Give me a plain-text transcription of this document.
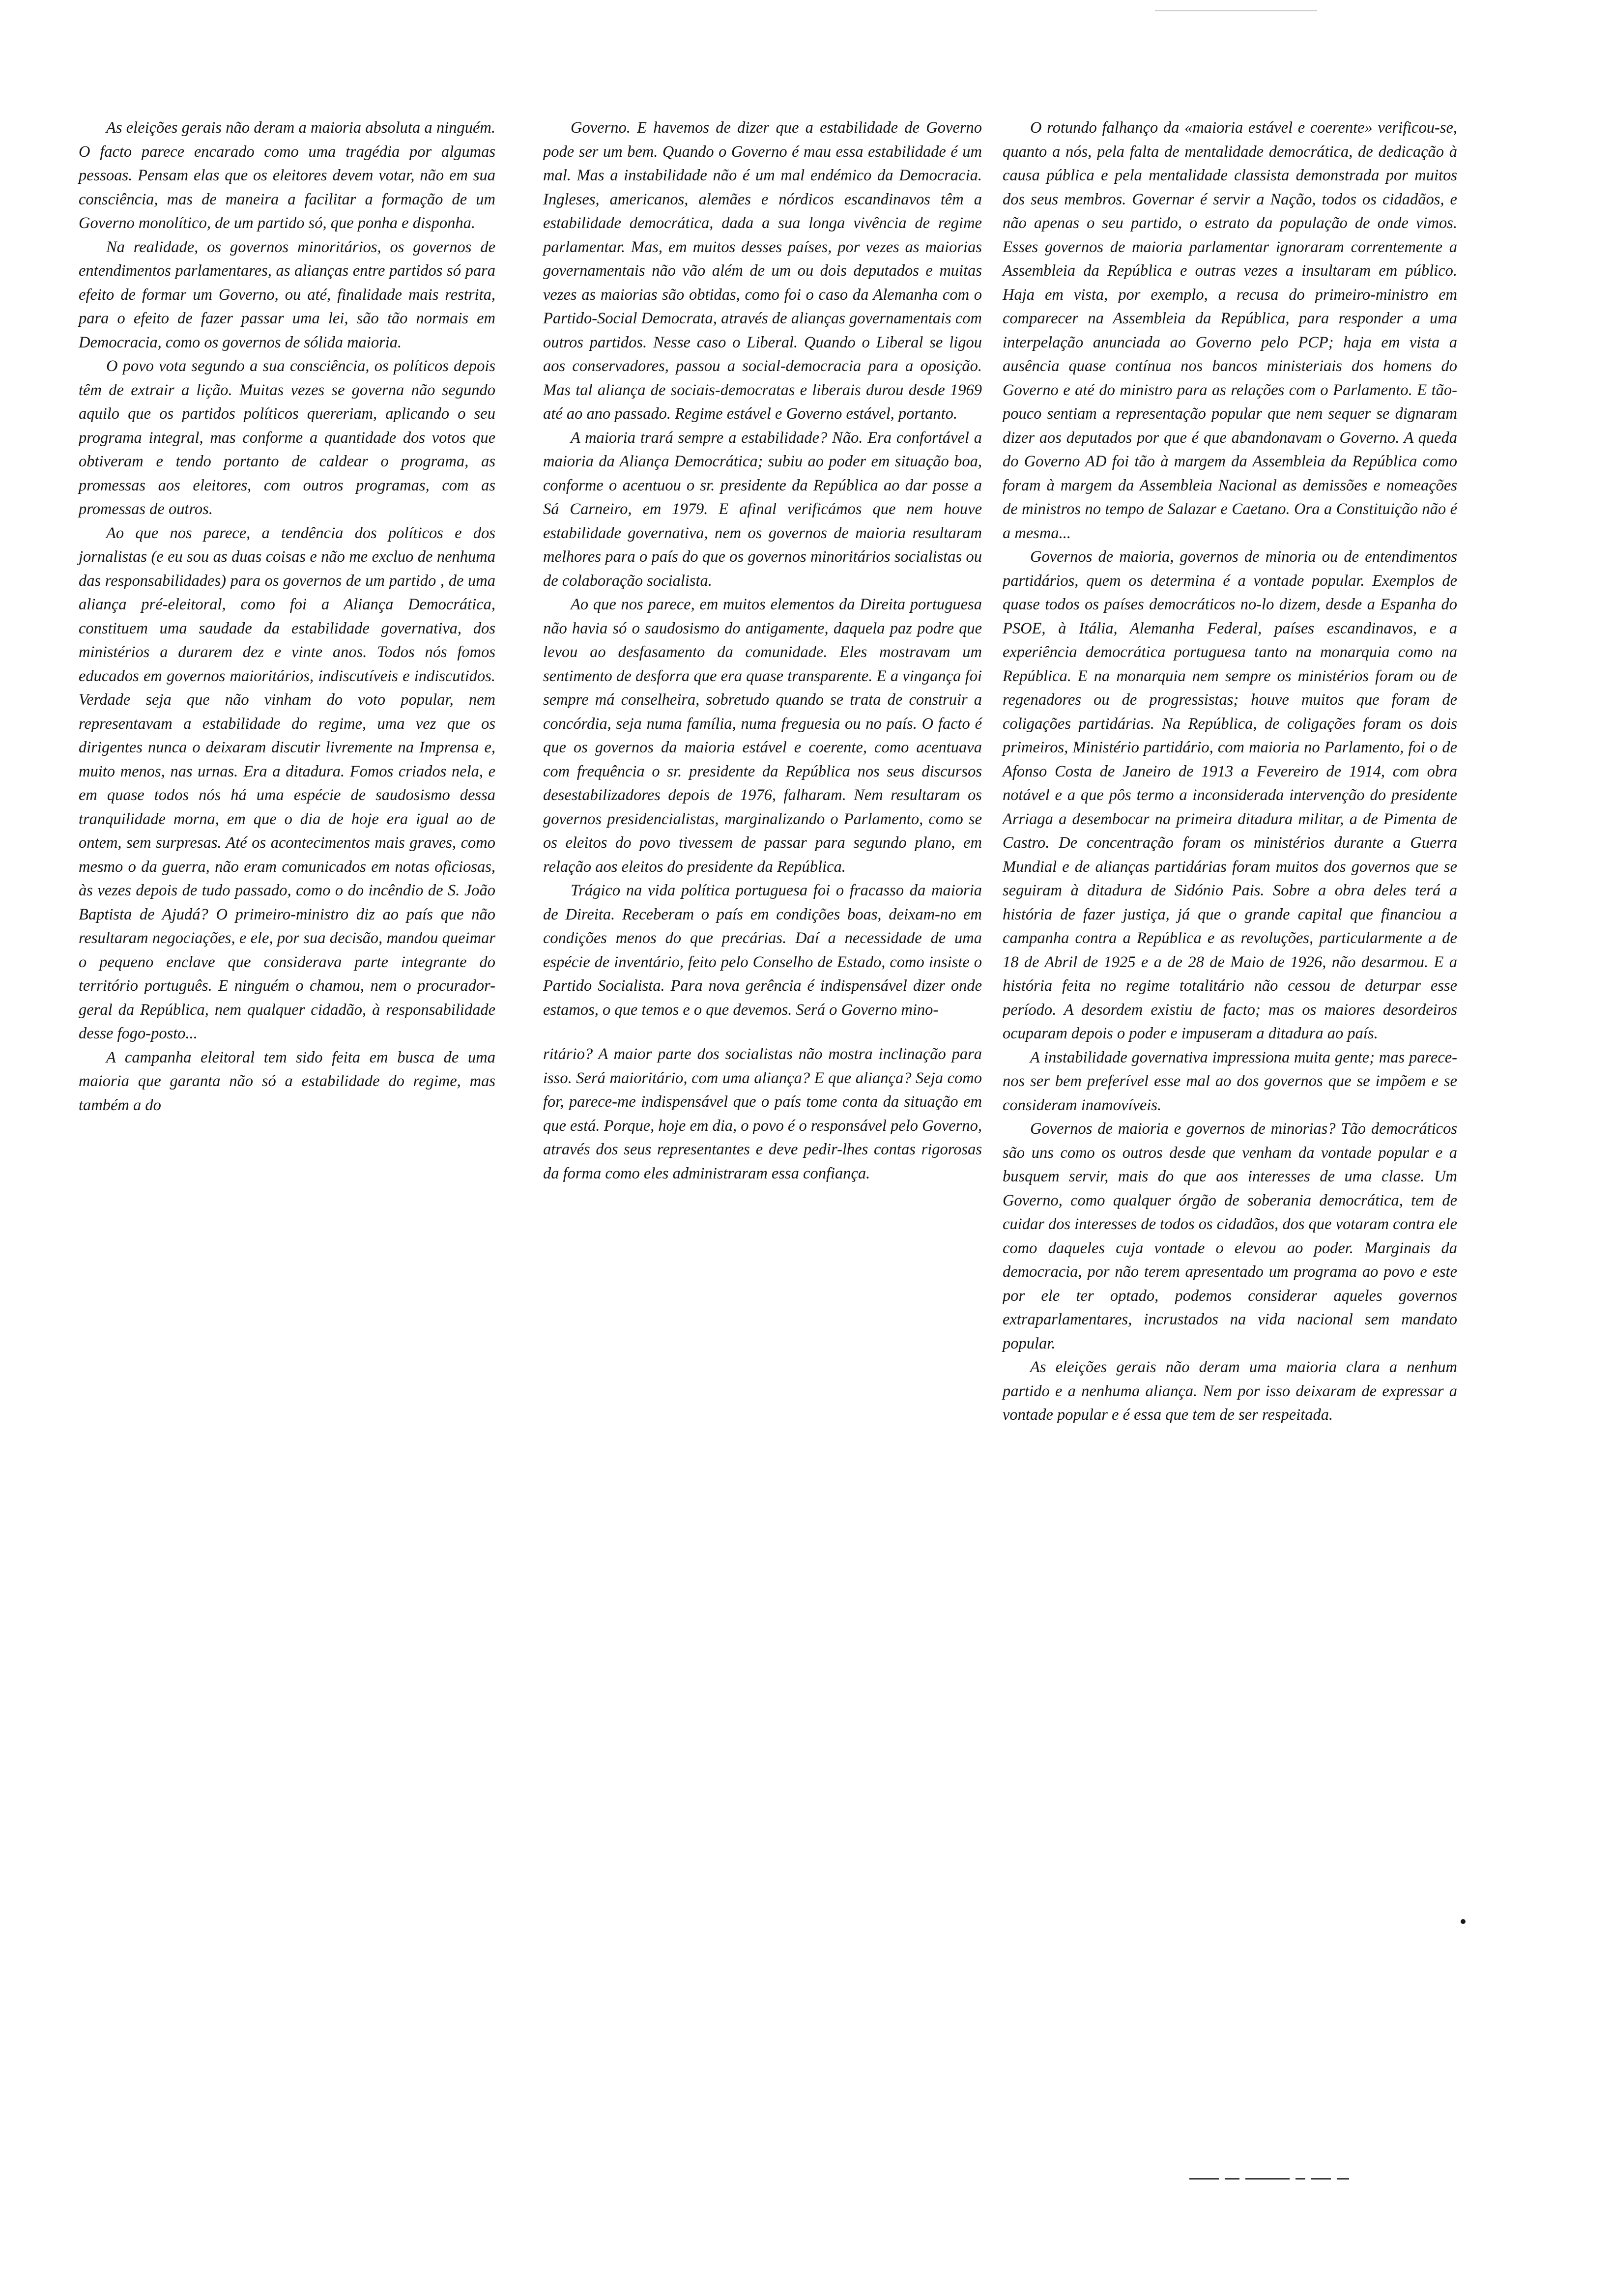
As eleições gerais não deram a maioria absoluta a ninguém. O facto parece encarado como uma tragédia por algumas pessoas. Pensam elas que os eleitores devem votar, não em sua consciência, mas de maneira a facilitar a formação de um Governo monolítico, de um partido só, que ponha e disponha.

Na realidade, os governos minoritários, os governos de entendimentos parlamentares, as alianças entre partidos só para efeito de formar um Governo, ou até, finalidade mais restrita, para o efeito de fazer passar uma lei, são tão normais em Democracia, como os governos de sólida maioria.

O povo vota segundo a sua consciência, os políticos depois têm de extrair a lição. Muitas vezes se governa não segundo aquilo que os partidos políticos quereriam, aplicando o seu programa integral, mas conforme a quantidade dos votos que obtiveram e tendo portanto de caldear o programa, as promessas aos eleitores, com outros programas, com as promessas de outros.

Ao que nos parece, a tendência dos políticos e dos jornalistas (e eu sou as duas coisas e não me excluo de nenhuma das responsabilidades) para os governos de um partido , de uma aliança pré-eleitoral, como foi a Aliança Democrática, constituem uma saudade da estabilidade governativa, dos ministérios a durarem dez e vinte anos. Todos nós fomos educados em governos maioritários, indiscutíveis e indiscutidos. Verdade seja que não vinham do voto popular, nem representavam a estabilidade do regime, uma vez que os dirigentes nunca o deixaram discutir livremente na Imprensa e, muito menos, nas urnas. Era a ditadura. Fomos criados nela, e em quase todos nós há uma espécie de saudosismo dessa tranquilidade morna, em que o dia de hoje era igual ao de ontem, sem surpresas. Até os acontecimentos mais graves, como mesmo o da guerra, não eram comunicados em notas oficiosas, às vezes depois de tudo passado, como o do incêndio de S. João Baptista de Ajudá? O primeiro-ministro diz ao país que não resultaram negociações, e ele, por sua decisão, mandou queimar o pequeno enclave que considerava parte integrante do território português. E ninguém o chamou, nem o procurador-geral da República, nem qualquer cidadão, à responsabilidade desse fogo-posto...

A campanha eleitoral tem sido feita em busca de uma maioria que garanta não só a estabilidade do regime, mas também a do

Governo. E havemos de dizer que a estabilidade de Governo pode ser um bem. Quando o Governo é mau essa estabilidade é um mal. Mas a instabilidade não é um mal endémico da Democracia. Ingleses, americanos, alemães e nórdicos escandinavos têm a estabilidade democrática, dada a sua longa vivência de regime parlamentar. Mas, em muitos desses países, por vezes as maiorias governamentais não vão além de um ou dois deputados e muitas vezes as maiorias são obtidas, como foi o caso da Alemanha com o Partido-Social Democrata, através de alianças governamentais com outros partidos. Nesse caso o Liberal. Quando o Liberal se ligou aos conservadores, passou a social-democracia para a oposição. Mas tal aliança de sociais-democratas e liberais durou desde 1969 até ao ano passado. Regime estável e Governo estável, portanto.

A maioria trará sempre a estabilidade? Não. Era confortável a maioria da Aliança Democrática; subiu ao poder em situação boa, conforme o acentuou o sr. presidente da República ao dar posse a Sá Carneiro, em 1979. E afinal verificámos que nem houve estabilidade governativa, nem os governos de maioria resultaram melhores para o país do que os governos minoritários socialistas ou de colaboração socialista.

Ao que nos parece, em muitos elementos da Direita portuguesa não havia só o saudosismo do antigamente, daquela paz podre que levou ao desfasamento da comunidade. Eles mostravam um sentimento de desforra que era quase transparente. E a vingança foi sempre má conselheira, sobretudo quando se trata de construir a concórdia, seja numa família, numa freguesia ou no país. O facto é que os governos da maioria estável e coerente, como acentuava com frequência o sr. presidente da República nos seus discursos desestabilizadores depois de 1976, falharam. Nem resultaram os governos presidencialistas, marginalizando o Parlamento, como se os eleitos do povo tivessem de passar para segundo plano, em relação aos eleitos do presidente da República.

Trágico na vida política portuguesa foi o fracasso da maioria de Direita. Receberam o país em condições boas, deixam-no em condições menos do que precárias. Daí a necessidade de uma espécie de inventário, feito pelo Conselho de Estado, como insiste o Partido Socialista. Para nova gerência é indispensável dizer onde estamos, o que temos e o que devemos. Será o Governo mino-

ritário? A maior parte dos socialistas não mostra inclinação para isso. Será maioritário, com uma aliança? E que aliança? Seja como for, parece-me indispensável que o país tome conta da situação em que está. Porque, hoje em dia, o povo é o responsável pelo Governo, através dos seus representantes e deve pedir-lhes contas rigorosas da forma como eles administraram essa confiança.

O rotundo falhanço da «maioria estável e coerente» verificou-se, quanto a nós, pela falta de mentalidade democrática, de dedicação à causa pública e pela mentalidade classista demonstrada por muitos dos seus membros. Governar é servir a Nação, todos os cidadãos, e não apenas o seu partido, o estrato da população de onde vimos. Esses governos de maioria parlamentar ignoraram correntemente a Assembleia da República e outras vezes a insultaram em público. Haja em vista, por exemplo, a recusa do primeiro-ministro em comparecer na Assembleia da República, para responder a uma interpelação anunciada ao Governo pelo PCP; haja em vista a ausência quase contínua nos bancos ministeriais dos homens do Governo e até do ministro para as relações com o Parlamento. E tão-pouco sentiam a representação popular que nem sequer se dignaram dizer aos deputados por que é que abandonavam o Governo. A queda do Governo AD foi tão à margem da Assembleia da República como foram à margem da Assembleia Nacional as demissões e nomeações de ministros no tempo de Salazar e Caetano. Ora a Constituição não é a mesma...

Governos de maioria, governos de minoria ou de entendimentos partidários, quem os determina é a vontade popular. Exemplos de quase todos os países democráticos no-lo dizem, desde a Espanha do PSOE, à Itália, Alemanha Federal, países escandinavos, e a experiência democrática portuguesa tanto na monarquia como na República. E na monarquia nem sempre os ministérios foram ou de regenadores ou de progressistas; houve muitos que foram de coligações partidárias. Na República, de coligações foram os dois primeiros, Ministério partidário, com maioria no Parlamento, foi o de Afonso Costa de Janeiro de 1913 a Fevereiro de 1914, com obra notável e a que pôs termo a inconsiderada intervenção do presidente Arriaga a desembocar na primeira ditadura militar, a de Pimenta de Castro. De concentração foram os ministérios durante a Guerra Mundial e de alianças partidárias foram muitos dos governos que se seguiram à ditadura de Sidónio Pais. Sobre a obra deles terá a história de fazer justiça, já que o grande capital que financiou a campanha contra a República e as revoluções, particularmente a de 18 de Abril de 1925 e a de 28 de Maio de 1926, não desarmou. E a história feita no regime totalitário não cessou de deturpar esse período. A desordem existiu de facto; mas os maiores desordeiros ocuparam depois o poder e impuseram a ditadura ao país.

A instabilidade governativa impressiona muita gente; mas parece-nos ser bem preferível esse mal ao dos governos que se impõem e se consideram inamovíveis.

Governos de maioria e governos de minorias? Tão democráticos são uns como os outros desde que venham da vontade popular e a busquem servir, mais do que aos interesses de uma classe. Um Governo, como qualquer órgão de soberania democrática, tem de cuidar dos interesses de todos os cidadãos, dos que votaram contra ele como daqueles cuja vontade o elevou ao poder. Marginais da democracia, por não terem apresentado um programa ao povo e este por ele ter optado, podemos considerar aqueles governos extraparlamentares, incrustados na vida nacional sem mandato popular.

As eleições gerais não deram uma maioria clara a nenhum partido e a nenhuma aliança. Nem por isso deixaram de expressar a vontade popular e é essa que tem de ser respeitada.
